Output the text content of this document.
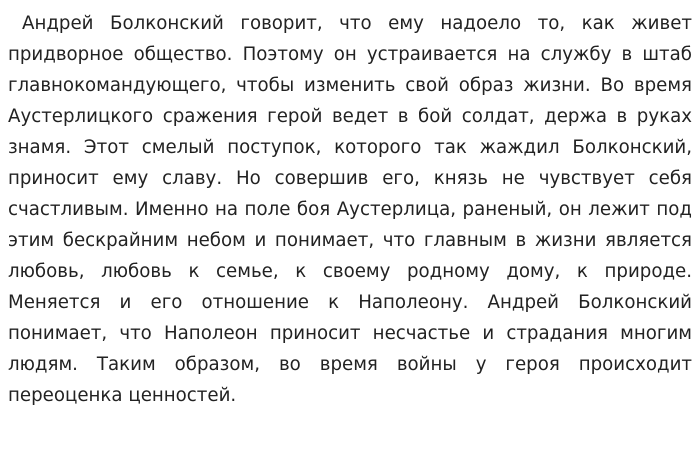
Андрей Болконский говорит, что ему надоело то, как живет придворное общество. Поэтому он устраивается на службу в штаб главнокомандующего, чтобы изменить свой образ жизни. Во время Аустерлицкого сражения герой ведет в бой солдат, держа в руках знамя. Этот смелый поступок, которого так жаждил Болконский, приносит ему славу. Но совершив его, князь не чувствует себя счастливым. Именно на поле боя Аустерлица, раненый, он лежит под этим бескрайним небом и понимает, что главным в жизни является любовь, любовь к семье, к своему родному дому, к природе. Меняется и его отношение к Наполеону. Андрей Болконский понимает, что Наполеон приносит несчастье и страдания многим людям. Таким образом, во время войны у героя происходит переоценка ценностей.
